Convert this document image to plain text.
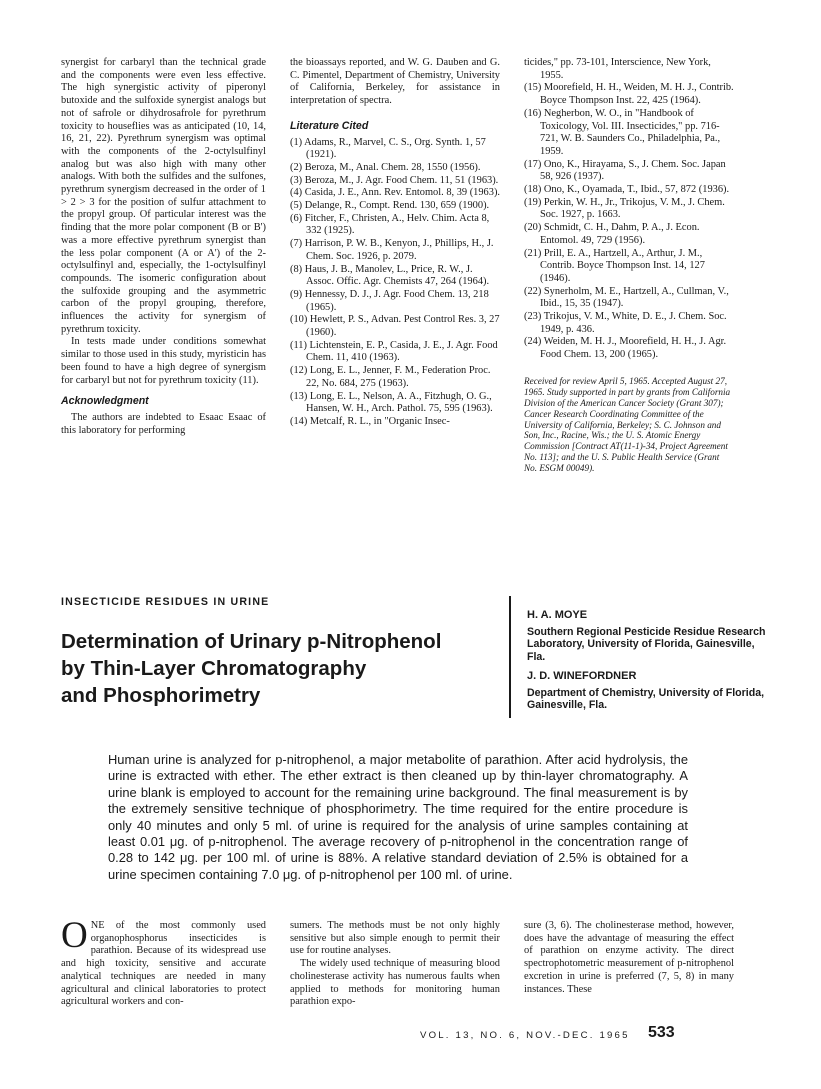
synergist for carbaryl than the technical grade and the components were even less effective. The high synergistic activity of piperonyl butoxide and the sulfoxide synergist analogs but not of safrole or dihydrosafrole for pyrethrum toxicity to houseflies was as anticipated (10, 14, 16, 21, 22). Pyrethrum synergism was optimal with the components of the 2-octylsulfinyl analog but was also high with many other analogs. With both the sulfides and the sulfones, pyrethrum synergism decreased in the order of 1 > 2 > 3 for the position of sulfur attachment to the propyl group. Of particular interest was the finding that the more polar component (B or B') was a more effective pyrethrum synergist than the less polar component (A or A') of the 2-octylsulfinyl and, especially, the 1-octylsulfinyl compounds. The isomeric configuration about the sulfoxide grouping and the asymmetric carbon of the propyl grouping, therefore, influences the activity for synergism of pyrethrum toxicity.

In tests made under conditions somewhat similar to those used in this study, myristicin has been found to have a high degree of synergism for carbaryl but not for pyrethrum toxicity (11).

Acknowledgment

The authors are indebted to Esaac Esaac of this laboratory for performing

the bioassays reported, and W. G. Dauben and G. C. Pimentel, Department of Chemistry, University of California, Berkeley, for assistance in interpretation of spectra.

Literature Cited
(1) Adams, R., Marvel, C. S., Org. Synth. 1, 57 (1921).
(2) Beroza, M., Anal. Chem. 28, 1550 (1956).
(3) Beroza, M., J. Agr. Food Chem. 11, 51 (1963).
(4) Casida, J. E., Ann. Rev. Entomol. 8, 39 (1963).
(5) Delange, R., Compt. Rend. 130, 659 (1900).
(6) Fitcher, F., Christen, A., Helv. Chim. Acta 8, 332 (1925).
(7) Harrison, P. W. B., Kenyon, J., Phillips, H., J. Chem. Soc. 1926, p. 2079.
(8) Haus, J. B., Manolev, L., Price, R. W., J. Assoc. Offic. Agr. Chemists 47, 264 (1964).
(9) Hennessy, D. J., J. Agr. Food Chem. 13, 218 (1965).
(10) Hewlett, P. S., Advan. Pest Control Res. 3, 27 (1960).
(11) Lichtenstein, E. P., Casida, J. E., J. Agr. Food Chem. 11, 410 (1963).
(12) Long, E. L., Jenner, F. M., Federation Proc. 22, No. 684, 275 (1963).
(13) Long, E. L., Nelson, A. A., Fitzhugh, O. G., Hansen, W. H., Arch. Pathol. 75, 595 (1963).
(14) Metcalf, R. L., in "Organic Insec-
ticides," pp. 73-101, Interscience, New York, 1955.
(15) Moorefield, H. H., Weiden, M. H. J., Contrib. Boyce Thompson Inst. 22, 425 (1964).
(16) Negherbon, W. O., in "Handbook of Toxicology, Vol. III. Insecticides," pp. 716-721, W. B. Saunders Co., Philadelphia, Pa., 1959.
(17) Ono, K., Hirayama, S., J. Chem. Soc. Japan 58, 926 (1937).
(18) Ono, K., Oyamada, T., Ibid., 57, 872 (1936).
(19) Perkin, W. H., Jr., Trikojus, V. M., J. Chem. Soc. 1927, p. 1663.
(20) Schmidt, C. H., Dahm, P. A., J. Econ. Entomol. 49, 729 (1956).
(21) Prill, E. A., Hartzell, A., Arthur, J. M., Contrib. Boyce Thompson Inst. 14, 127 (1946).
(22) Synerholm, M. E., Hartzell, A., Cullman, V., Ibid., 15, 35 (1947).
(23) Trikojus, V. M., White, D. E., J. Chem. Soc. 1949, p. 436.
(24) Weiden, M. H. J., Moorefield, H. H., J. Agr. Food Chem. 13, 200 (1965).
Received for review April 5, 1965. Accepted August 27, 1965. Study supported in part by grants from California Division of the American Cancer Society (Grant 307); Cancer Research Coordinating Committee of the University of California, Berkeley; S. C. Johnson and Son, Inc., Racine, Wis.; the U. S. Atomic Energy Commission [Contract AT(11-1)-34, Project Agreement No. 113]; and the U. S. Public Health Service (Grant No. ESGM 00049).
INSECTICIDE RESIDUES IN URINE
Determination of Urinary p-Nitrophenol
by Thin-Layer Chromatography
and Phosphorimetry
H. A. MOYE
Southern Regional Pesticide Residue Research Laboratory, University of Florida, Gainesville, Fla.
J. D. WINEFORDNER
Department of Chemistry, University of Florida, Gainesville, Fla.
Human urine is analyzed for p-nitrophenol, a major metabolite of parathion. After acid hydrolysis, the urine is extracted with ether. The ether extract is then cleaned up by thin-layer chromatography. A urine blank is employed to account for the remaining urine background. The final measurement is by the extremely sensitive technique of phosphorimetry. The time required for the entire procedure is only 40 minutes and only 5 ml. of urine is required for the analysis of urine samples containing at least 0.01 μg. of p-nitrophenol. The average recovery of p-nitrophenol in the concentration range of 0.28 to 142 μg. per 100 ml. of urine is 88%. A relative standard deviation of 2.5% is obtained for a urine specimen containing 7.0 μg. of p-nitrophenol per 100 ml. of urine.

ONE of the most commonly used organophosphorus insecticides is parathion. Because of its widespread use and high toxicity, sensitive and accurate analytical techniques are needed in many agricultural and clinical laboratories to protect agricultural workers and con-

sumers. The methods must be not only highly sensitive but also simple enough to permit their use for routine analyses.

The widely used technique of measuring blood cholinesterase activity has numerous faults when applied to methods for monitoring human parathion expo-

sure (3, 6). The cholinesterase method, however, does have the advantage of measuring the effect of parathion on enzyme activity. The direct spectrophotometric measurement of p-nitrophenol excretion in urine is preferred (7, 5, 8) in many instances. These

VOL. 13, NO. 6, NOV.-DEC. 1965 533
